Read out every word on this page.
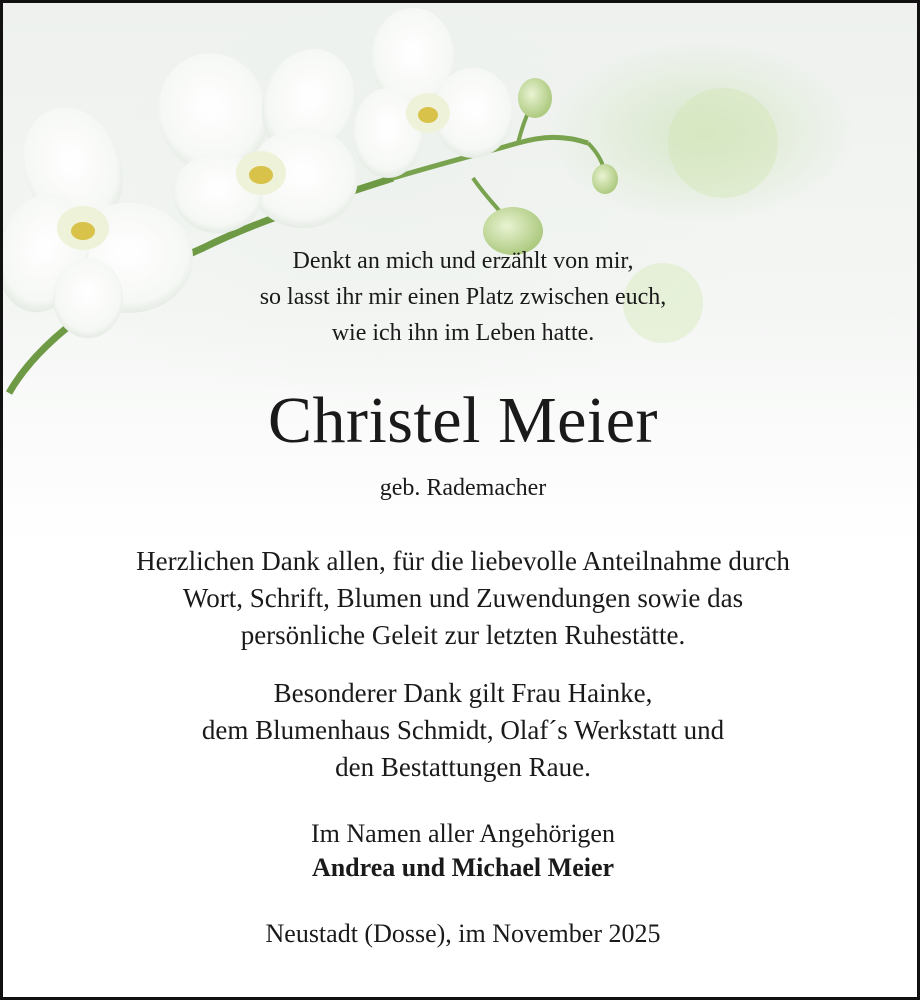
Denkt an mich und erzählt von mir,
so lasst ihr mir einen Platz zwischen euch,
wie ich ihn im Leben hatte.
Christel Meier
geb. Rademacher
Herzlichen Dank allen, für die liebevolle Anteilnahme durch
Wort, Schrift, Blumen und Zuwendungen sowie das
persönliche Geleit zur letzten Ruhestätte.
Besonderer Dank gilt Frau Hainke,
dem Blumenhaus Schmidt, Olaf´s Werkstatt und
den Bestattungen Raue.
Im Namen aller Angehörigen
Andrea und Michael Meier
Neustadt (Dosse), im November 2025
